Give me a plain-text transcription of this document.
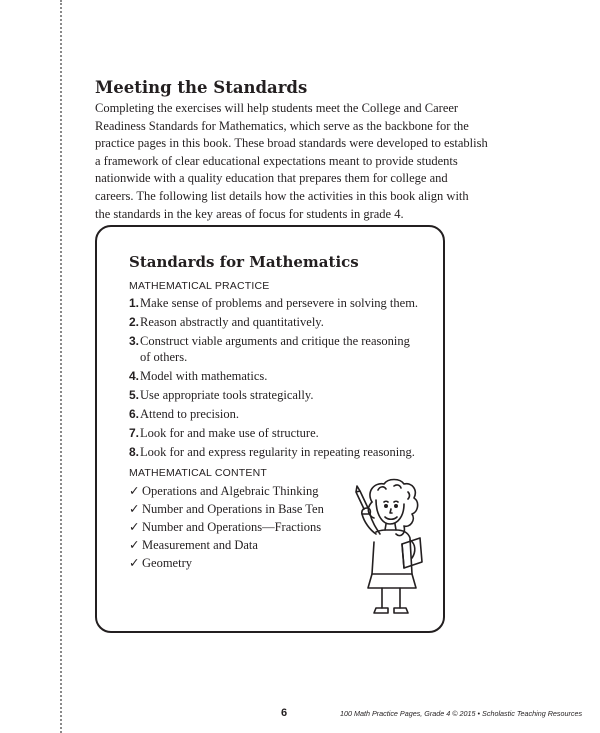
Meeting the Standards

Completing the exercises will help students meet the College and Career
Readiness Standards for Mathematics, which serve as the backbone for the
practice pages in this book. These broad standards were developed to establish
a framework of clear educational expectations meant to provide students
nationwide with a quality education that prepares them for college and
careers. The following list details how the activities in this book align with
the standards in the key areas of focus for students in grade 4.

Standards for Mathematics

MATHEMATICAL PRACTICE

1. Make sense of problems and persevere in solving them.
2. Reason abstractly and quantitatively.
3. Construct viable arguments and critique the reasoning
of others.
4. Model with mathematics.
5. Use appropriate tools strategically.
6. Attend to precision.
7. Look for and make use of structure.
8. Look for and express regularity in repeating reasoning.

MATHEMATICAL CONTENT

✓ Operations and Algebraic Thinking
✓ Number and Operations in Base Ten
✓ Number and Operations—Fractions
✓ Measurement and Data
✓ Geometry
6	100 Math Practice Pages, Grade 4 © 2015 • Scholastic Teaching Resources
